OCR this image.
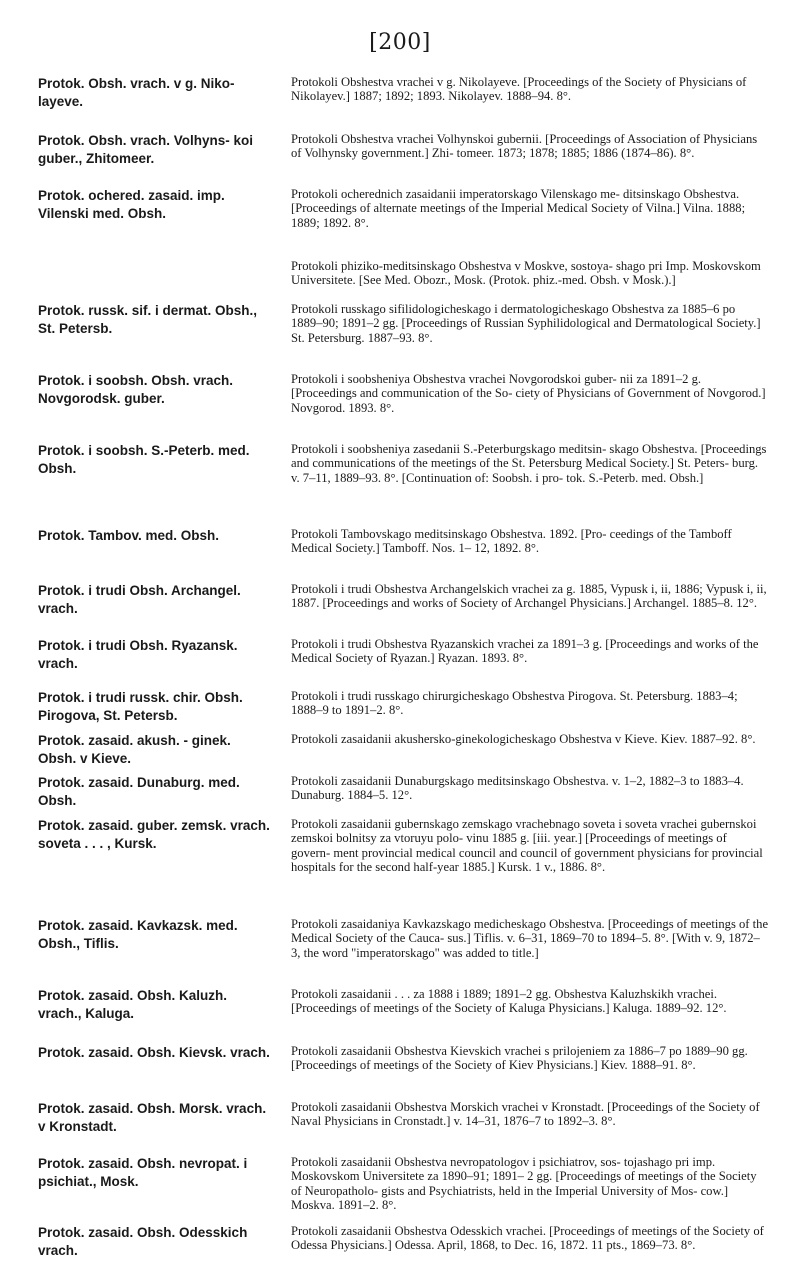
[200]
Protok. Obsh. vrach. v g. Niko- layeve.
Protokoli Obshestva vrachei v g. Nikolayeve. [Proceedings of the Society of Physicians of Nikolayev.] 1887; 1892; 1893. Nikolayev. 1888–94. 8°.
Protok. Obsh. vrach. Volhyns- koi guber., Zhitomeer.
Protokoli Obshestva vrachei Volhynskoi gubernii. [Proceedings of Association of Physicians of Volhynsky government.] Zhi- tomeer. 1873; 1878; 1885; 1886 (1874–86). 8°.
Protok. ochered. zasaid. imp. Vilenski med. Obsh.
Protokoli ocherednich zasaidanii imperatorskago Vilenskago me- ditsinskago Obshestva. [Proceedings of alternate meetings of the Imperial Medical Society of Vilna.] Vilna. 1888; 1889; 1892. 8°.
Protokoli phiziko-meditsinskago Obshestva v Moskve, sostoya- shago pri Imp. Moskovskom Universitete. [See Med. Obozr., Mosk. (Protok. phiz.-med. Obsh. v Mosk.).]
Protok. russk. sif. i dermat. Obsh., St. Petersb.
Protokoli russkago sifilidologicheskago i dermatologicheskago Obshestva za 1885–6 po 1889–90; 1891–2 gg. [Proceedings of Russian Syphilidological and Dermatological Society.] St. Petersburg. 1887–93. 8°.
Protok. i soobsh. Obsh. vrach. Novgorodsk. guber.
Protokoli i soobsheniya Obshestva vrachei Novgorodskoi guber- nii za 1891–2 g. [Proceedings and communication of the So- ciety of Physicians of Government of Novgorod.] Novgorod. 1893. 8°.
Protok. i soobsh. S.-Peterb. med. Obsh.
Protokoli i soobsheniya zasedanii S.-Peterburgskago meditsin- skago Obshestva. [Proceedings and communications of the meetings of the St. Petersburg Medical Society.] St. Peters- burg. v. 7–11, 1889–93. 8°. [Continuation of: Soobsh. i pro- tok. S.-Peterb. med. Obsh.]
Protok. Tambov. med. Obsh.	Protokoli Tambovskago meditsinskago Obshestva. 1892. [Pro- ceedings of the Tamboff Medical Society.] Tamboff. Nos. 1– 12, 1892. 8°.
Protok. i trudi Obsh. Archangel. vrach.
Protokoli i trudi Obshestva Archangelskich vrachei za g. 1885, Vypusk i, ii, 1886; Vypusk i, ii, 1887. [Proceedings and works of Society of Archangel Physicians.] Archangel. 1885–8. 12°.
Protok. i trudi Obsh. Ryazansk. vrach.
Protokoli i trudi Obshestva Ryazanskich vrachei za 1891–3 g. [Proceedings and works of the Medical Society of Ryazan.] Ryazan. 1893. 8°.
Protok. i trudi russk. chir. Obsh. Pirogova, St. Petersb.
Protokoli i trudi russkago chirurgicheskago Obshestva Pirogova. St. Petersburg. 1883–4; 1888–9 to 1891–2. 8°.
Protok. zasaid. akush. - ginek. Obsh. v Kieve.
Protokoli zasaidanii akushersko-ginekologicheskago Obshestva v Kieve. Kiev. 1887–92. 8°.
Protok. zasaid. Dunaburg. med. Obsh.
Protokoli zasaidanii Dunaburgskago meditsinskago Obshestva. v. 1–2, 1882–3 to 1883–4. Dunaburg. 1884–5. 12°.
Protok. zasaid. guber. zemsk. vrach. soveta . . . , Kursk.
Protokoli zasaidanii gubernskago zemskago vrachebnago soveta i soveta vrachei gubernskoi zemskoi bolnitsy za vtoruyu polo- vinu 1885 g. [iii. year.] [Proceedings of meetings of govern- ment provincial medical council and council of government physicians for provincial hospitals for the second half-year 1885.] Kursk. 1 v., 1886. 8°.
Protok. zasaid. Kavkazsk. med. Obsh., Tiflis.
Protokoli zasaidaniya Kavkazskago medicheskago Obshestva. [Proceedings of meetings of the Medical Society of the Cauca- sus.] Tiflis. v. 6–31, 1869–70 to 1894–5. 8°. [With v. 9, 1872– 3, the word "imperatorskago" was added to title.]
Protok. zasaid. Obsh. Kaluzh. vrach., Kaluga.
Protokoli zasaidanii . . . za 1888 i 1889; 1891–2 gg. Obshestva Kaluzhskikh vrachei. [Proceedings of meetings of the Society of Kaluga Physicians.] Kaluga. 1889–92. 12°.
Protok. zasaid. Obsh. Kievsk. vrach. Protokoli zasaidanii Obshestva Kievskich vrachei s prilojeniem za 1886–7 po 1889–90 gg. [Proceedings of meetings of the Society of Kiev Physicians.] Kiev. 1888–91. 8°.
Protok. zasaid. Obsh. Morsk. vrach. v Kronstadt.
Protokoli zasaidanii Obshestva Morskich vrachei v Kronstadt. [Proceedings of the Society of Naval Physicians in Cronstadt.] v. 14–31, 1876–7 to 1892–3. 8°.
Protok. zasaid. Obsh. nevropat. i psichiat., Mosk.
Protokoli zasaidanii Obshestva nevropatologov i psichiatrov, sos- tojashago pri imp. Moskovskom Universitete za 1890–91; 1891– 2 gg. [Proceedings of meetings of the Society of Neuropatholo- gists and Psychiatrists, held in the Imperial University of Mos- cow.] Moskva. 1891–2. 8°.
Protok. zasaid. Obsh. Odesskich vrach.
Protokoli zasaidanii Obshestva Odesskich vrachei. [Proceedings of meetings of the Society of Odessa Physicians.] Odessa. April, 1868, to Dec. 16, 1872. 11 pts., 1869–73. 8°.
